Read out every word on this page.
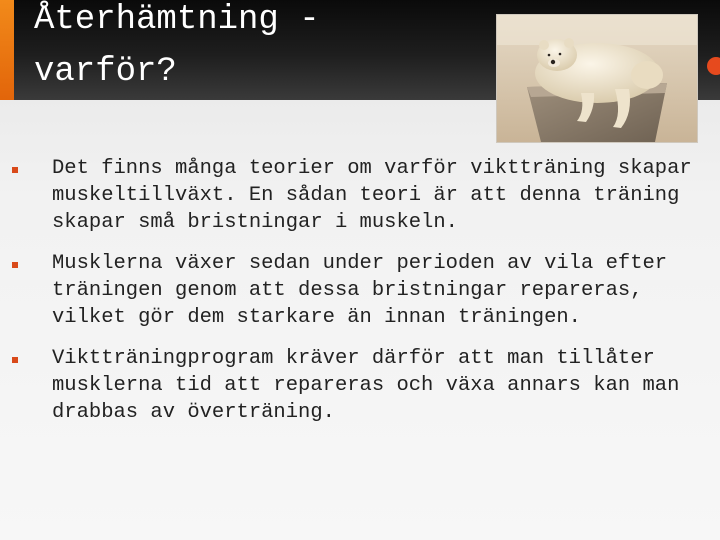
Återhämtning -
varför?
Det finns många teorier om varför viktträning skapar muskeltillväxt. En sådan teori är att denna träning skapar små bristningar i muskeln.
Musklerna växer sedan under perioden av vila efter träningen genom att dessa bristningar repareras, vilket gör dem starkare än innan träningen.
Viktträningprogram kräver därför att man tillåter musklerna tid att repareras och växa annars kan man drabbas av överträning.
